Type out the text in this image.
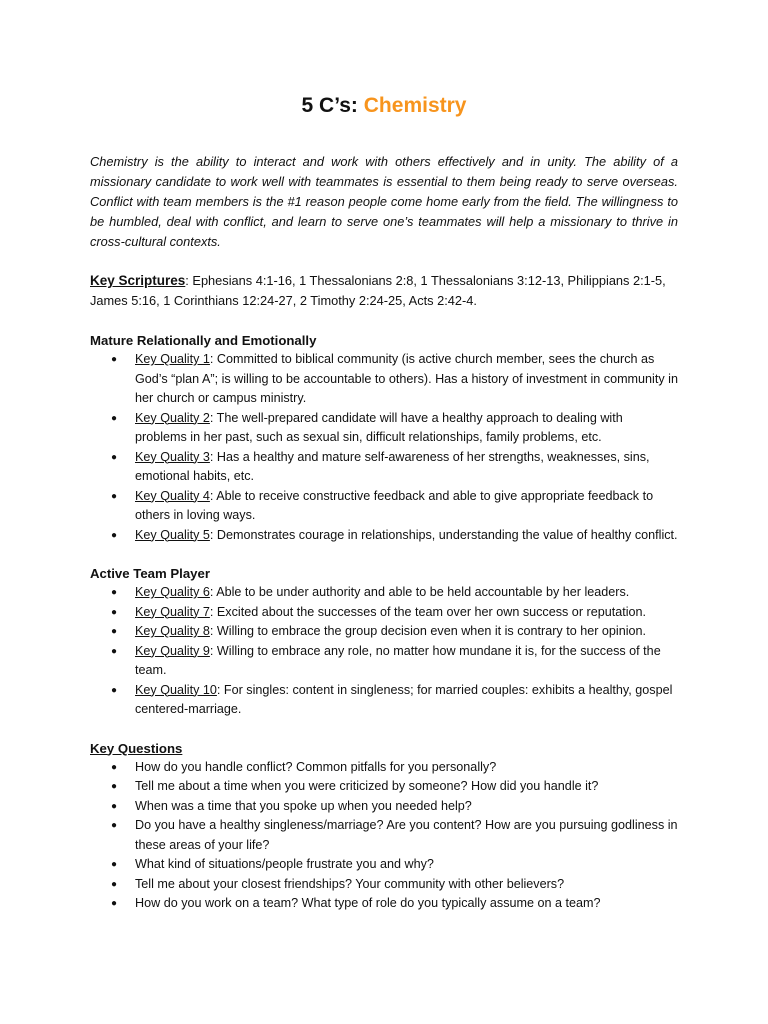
5 C’s: Chemistry

Chemistry is the ability to interact and work with others effectively and in unity. The ability of a missionary candidate to work well with teammates is essential to them being ready to serve overseas. Conflict with team members is the #1 reason people come home early from the field. The willingness to be humbled, deal with conflict, and learn to serve one’s teammates will help a missionary to thrive in cross-cultural contexts.

Key Scriptures: Ephesians 4:1-16, 1 Thessalonians 2:8, 1 Thessalonians 3:12-13, Philippians 2:1-5, James 5:16, 1 Corinthians 12:24-27, 2 Timothy 2:24-25, Acts 2:42-4.

Mature Relationally and Emotionally

● Key Quality 1: Committed to biblical community (is active church member, sees the church as God’s “plan A”; is willing to be accountable to others). Has a history of investment in community in her church or campus ministry.
● Key Quality 2: The well-prepared candidate will have a healthy approach to dealing with problems in her past, such as sexual sin, difficult relationships, family problems, etc.
● Key Quality 3: Has a healthy and mature self-awareness of her strengths, weaknesses, sins, emotional habits, etc.
● Key Quality 4: Able to receive constructive feedback and able to give appropriate feedback to others in loving ways.
● Key Quality 5: Demonstrates courage in relationships, understanding the value of healthy conflict.

Active Team Player

● Key Quality 6: Able to be under authority and able to be held accountable by her leaders.
● Key Quality 7: Excited about the successes of the team over her own success or reputation.
● Key Quality 8: Willing to embrace the group decision even when it is contrary to her opinion.
● Key Quality 9: Willing to embrace any role, no matter how mundane it is, for the success of the team.
● Key Quality 10: For singles: content in singleness; for married couples: exhibits a healthy, gospel centered-marriage.

Key Questions

● How do you handle conflict? Common pitfalls for you personally?
● Tell me about a time when you were criticized by someone? How did you handle it?
● When was a time that you spoke up when you needed help?
● Do you have a healthy singleness/marriage? Are you content? How are you pursuing godliness in these areas of your life?
● What kind of situations/people frustrate you and why?
● Tell me about your closest friendships? Your community with other believers?
● How do you work on a team? What type of role do you typically assume on a team?
